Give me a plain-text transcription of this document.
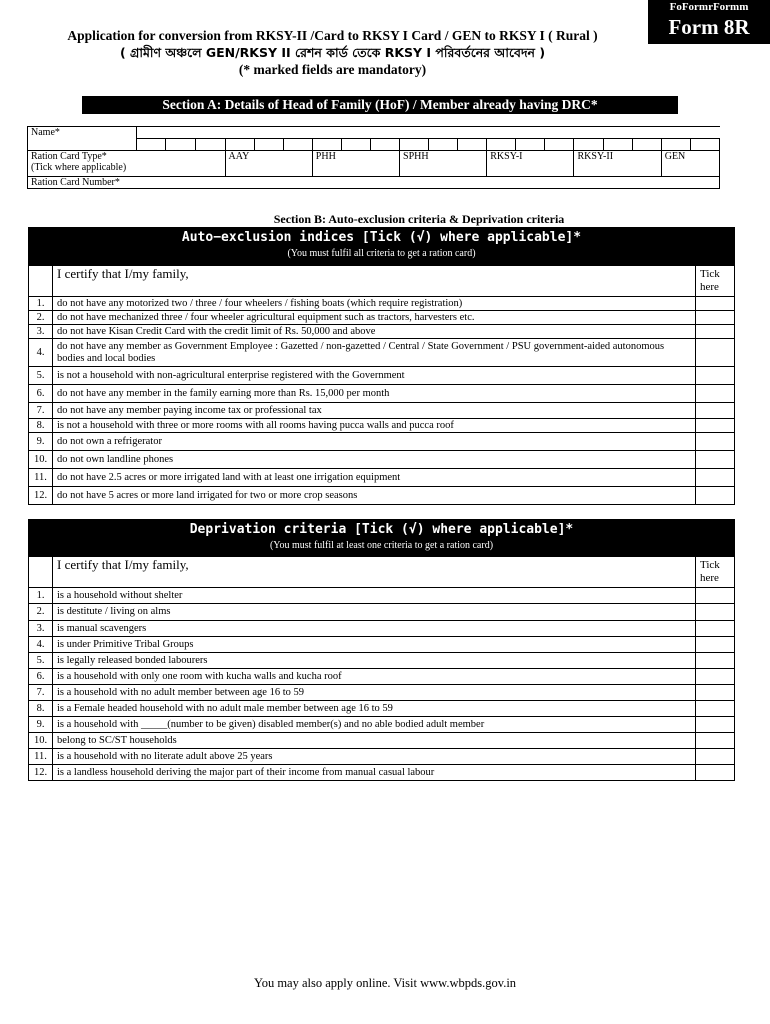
FoFormrFormm
Form 8R
Application for conversion from RKSY-II /Card to RKSY I Card / GEN to RKSY I ( Rural )
( গ্রামীণ অঞ্চলে GEN/RKSY II রেশন কার্ড তেকে RKSY I পরিবর্তনের আবেদন )
(* marked fields are mandatory)
Section A: Details of Head of Family (HoF) / Member already having DRC*
Name*																				

Ration Card Type*
(Tick where applicable)				AAY			PHH			SPHH			RKSY-I			RKSY-II			GEN	
Ration Card Number*																				
Section B: Auto-exclusion criteria & Deprivation criteria
Auto−exclusion indices [Tick (√) where applicable]*
(You must fulfil all criteria to get a ration card)
	I certify that I/my family,	Tick here
1.	do not have any motorized two / three / four wheelers / fishing boats (which require registration)	
2.	do not have mechanized three / four wheeler agricultural equipment such as tractors, harvesters etc.	
3.	do not have Kisan Credit Card with the credit limit of Rs. 50,000 and above	
4.	do not have any member as Government Employee : Gazetted / non-gazetted / Central / State Government / PSU government-aided autonomous bodies and local bodies	
5.	is not a household with non-agricultural enterprise registered with the Government	
6.	do not have any member in the family earning more than Rs. 15,000 per month	
7.	do not have any member paying income tax or professional tax	
8.	is not a household with three or more rooms with all rooms having pucca walls and pucca roof	
9.	do not own a refrigerator	
10.	do not own landline phones	
11.	do not have 2.5 acres or more irrigated land with at least one irrigation equipment	
12.	do not have 5 acres or more land irrigated for two or more crop seasons	
Deprivation criteria [Tick (√) where applicable]*
(You must fulfil at least one criteria to get a ration card)
	I certify that I/my family,	Tick here
1.	is a household without shelter	
2.	is destitute / living on alms	
3.	is manual scavengers	
4.	is under Primitive Tribal Groups	
5.	is legally released bonded labourers	
6.	is a household with only one room with kucha walls and kucha roof	
7.	is a household with no adult member between age 16 to 59	
8.	is a Female headed household with no adult male member between age 16 to 59	
9.	is a household with _____(number to be given) disabled member(s) and no able bodied adult member	
10.	belong to SC/ST households	
11.	is a household with no literate adult above 25 years	
12.	is a landless household deriving the major part of their income from manual casual labour	
You may also apply online. Visit www.wbpds.gov.in
